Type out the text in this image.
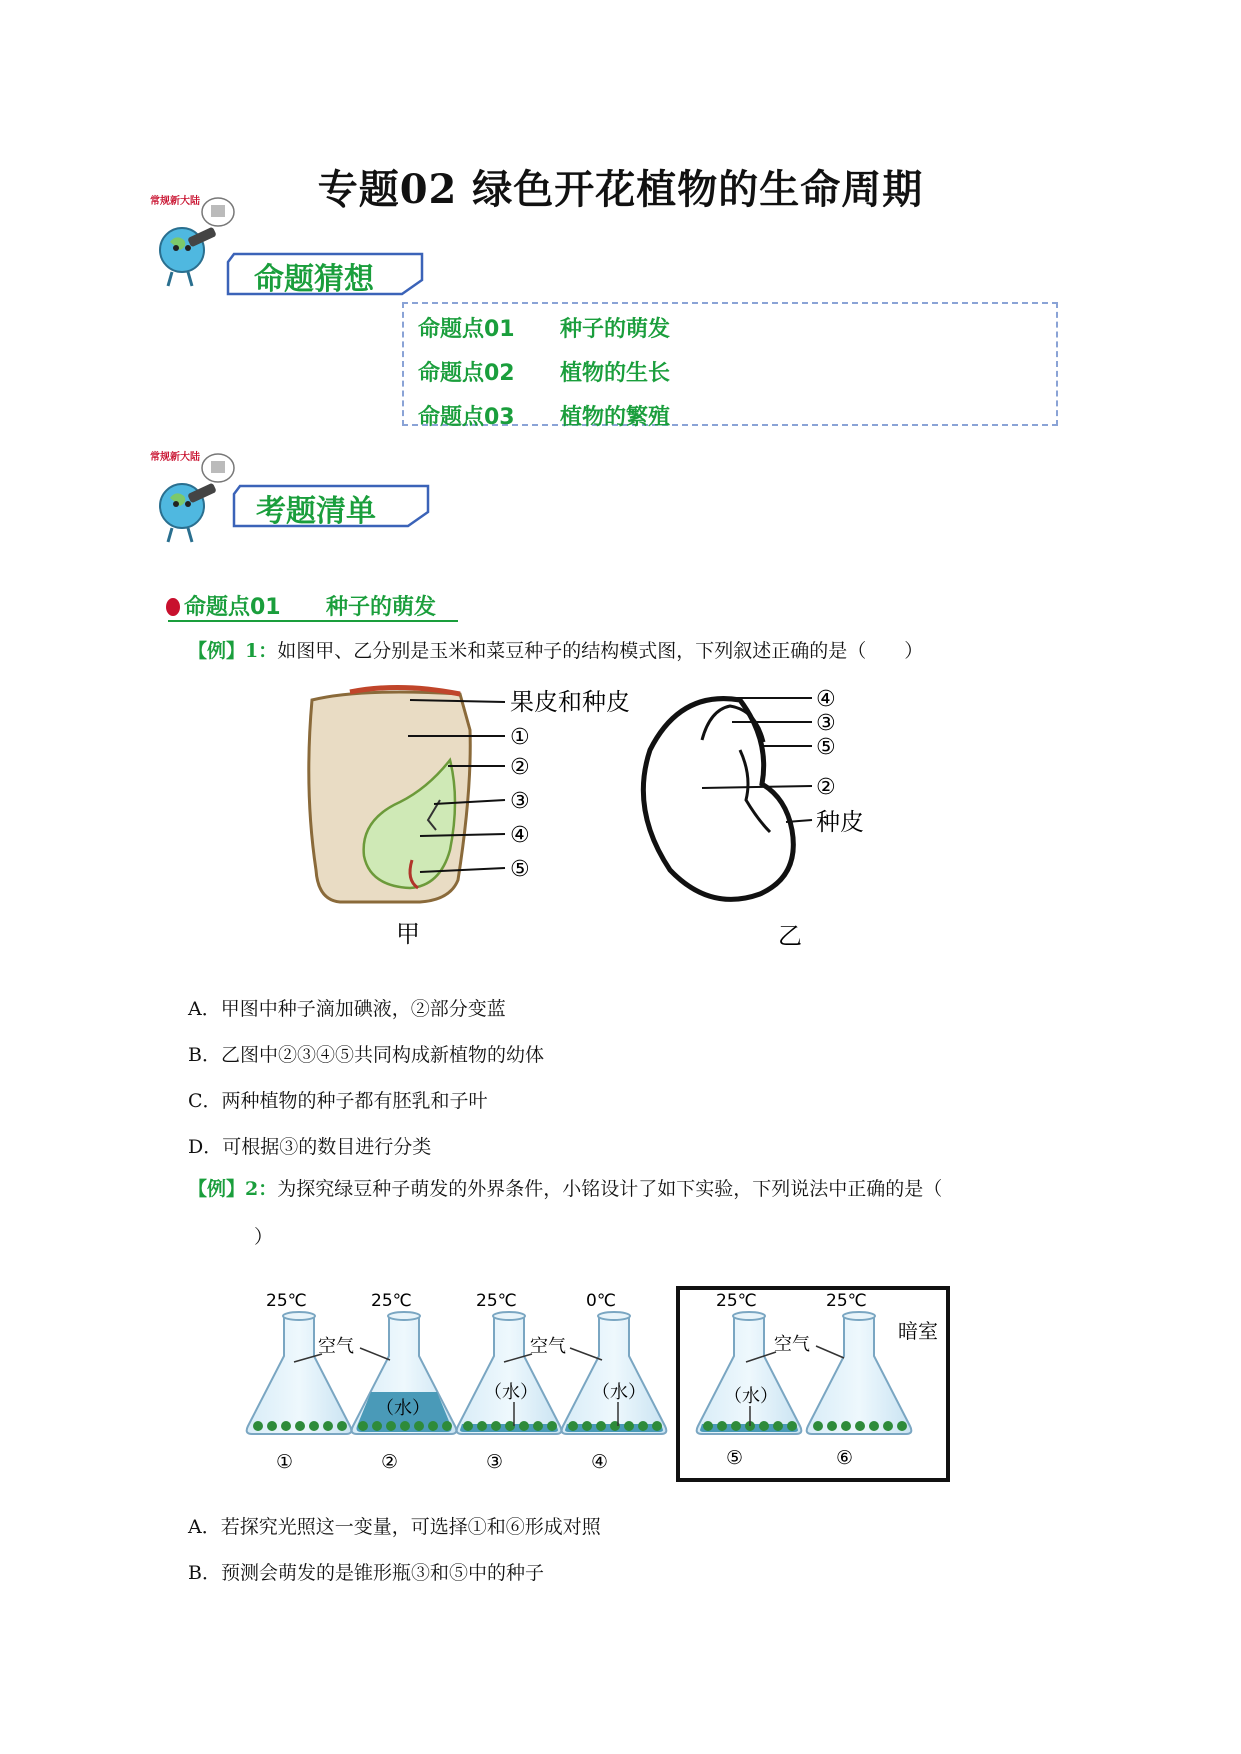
专题02 绿色开花植物的生命周期
常规新大陆
命题猜想
命题点01 种子的萌发
命题点02 植物的生长
命题点03 植物的繁殖
常规新大陆
考题清单
命题点01 种子的萌发
【例】1：如图甲、乙分别是玉米和菜豆种子的结构模式图，下列叙述正确的是（　　）
果皮和种皮
①
②
③
④
⑤
甲
④
③
⑤
②
种皮
乙
A．甲图中种子滴加碘液，②部分变蓝
B．乙图中②③④⑤共同构成新植物的幼体
C．两种植物的种子都有胚乳和子叶
D．可根据③的数目进行分类
【例】2：为探究绿豆种子萌发的外界条件，小铭设计了如下实验，下列说法中正确的是（
）
25℃	25℃	25℃	0℃	25℃	25℃
空气
（水）
空气
（水）	（水）
空气
（水）
暗室
①	②	③	④	⑤	⑥
A．若探究光照这一变量，可选择①和⑥形成对照
B．预测会萌发的是锥形瓶③和⑤中的种子
